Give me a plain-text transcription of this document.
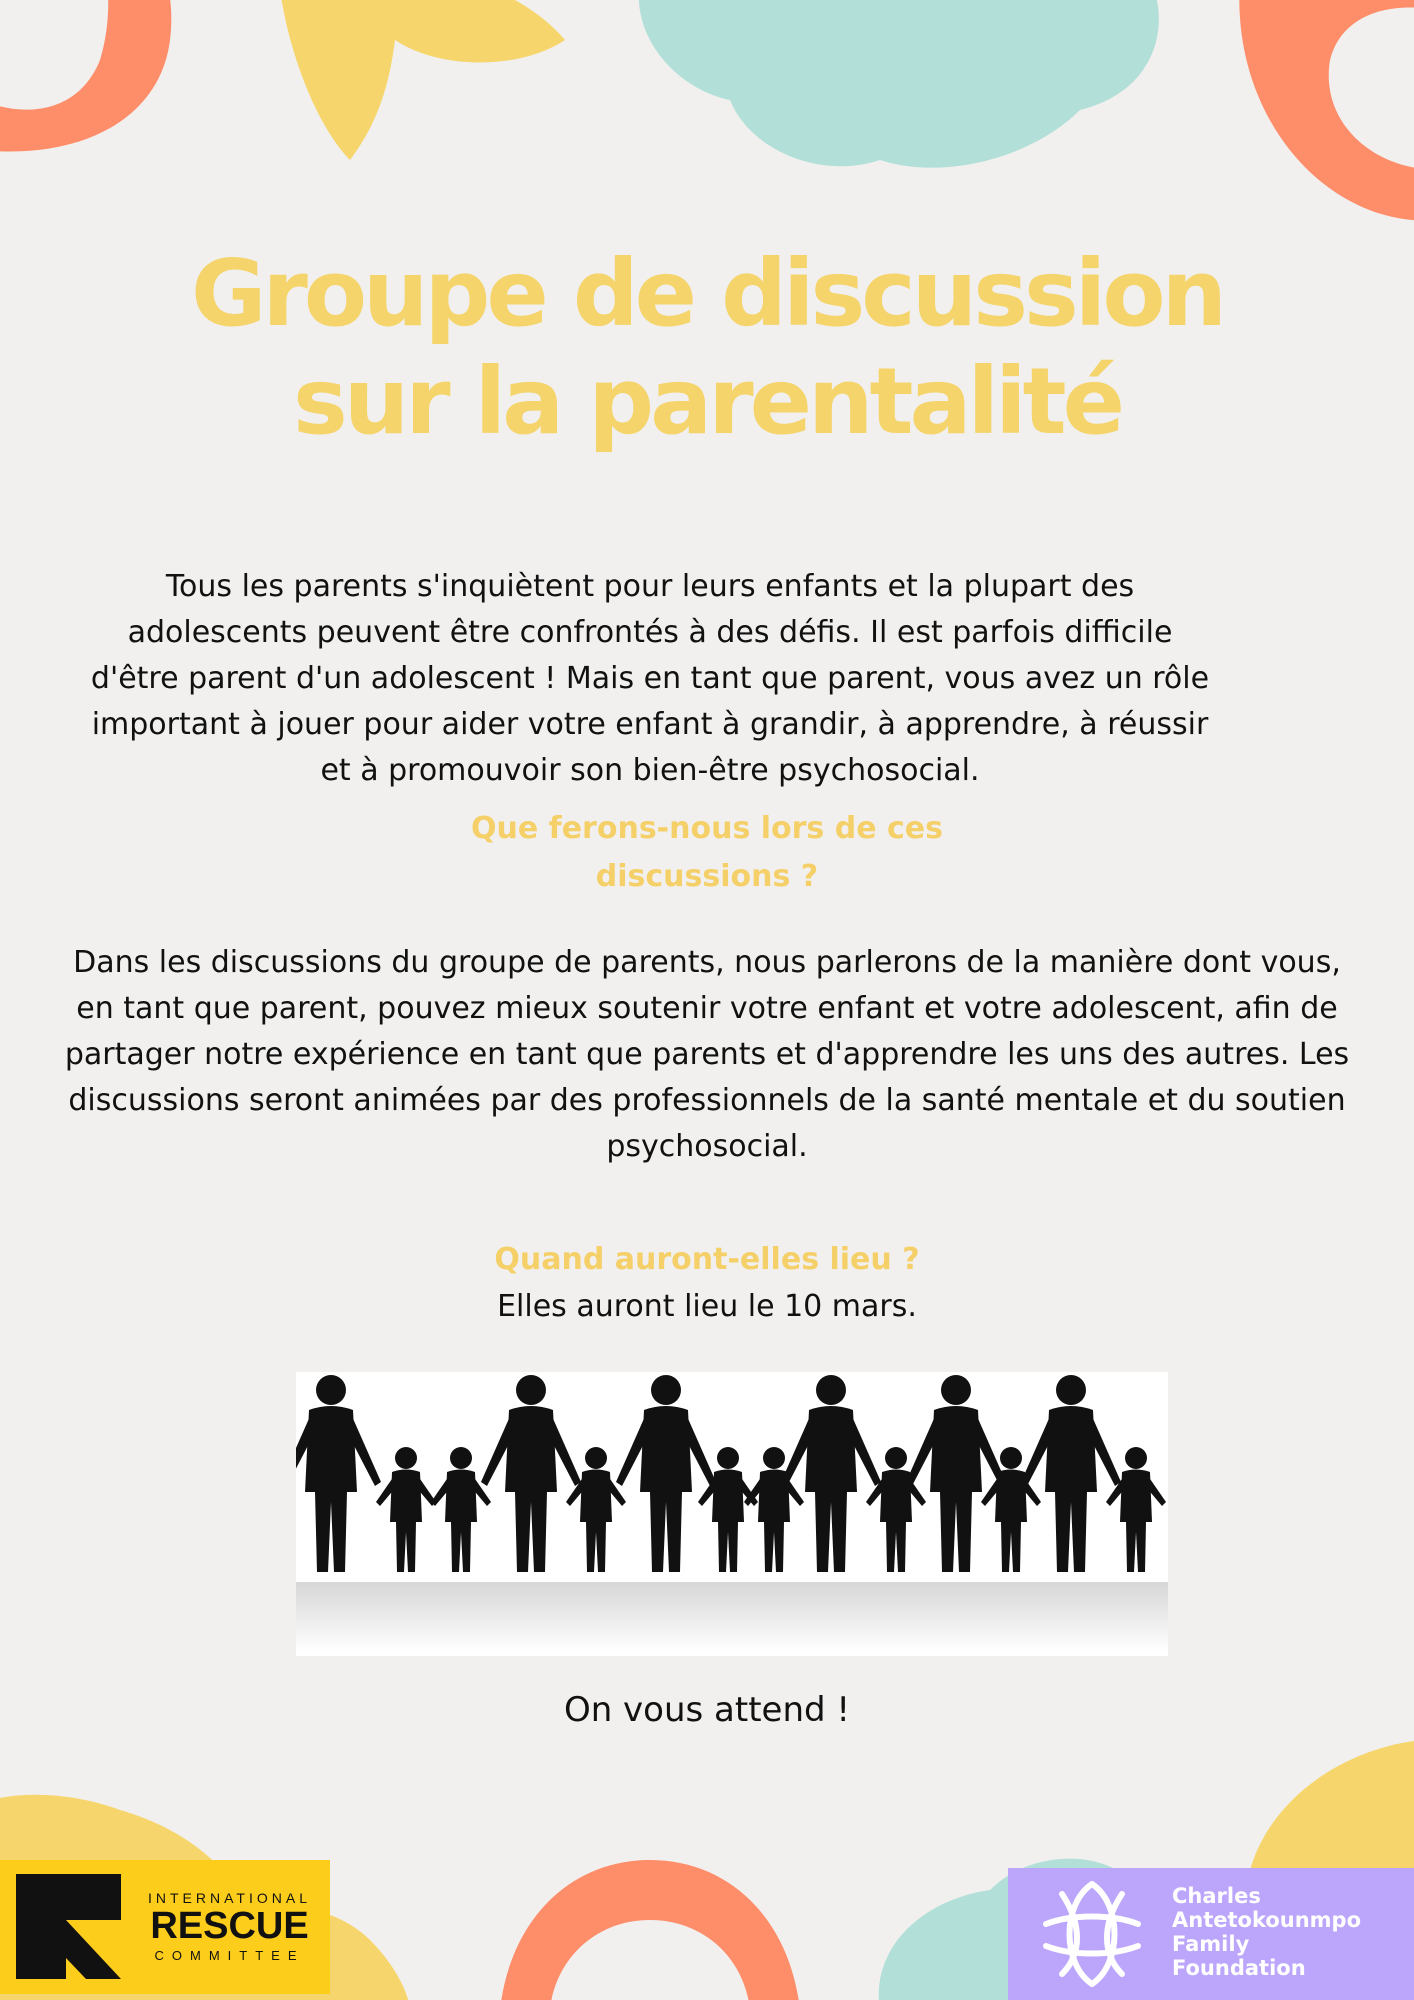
Groupe de discussion
sur la parentalité
Tous les parents s'inquiètent pour leurs enfants et la plupart des
adolescents peuvent être confrontés à des défis. Il est parfois difficile
d'être parent d'un adolescent ! Mais en tant que parent, vous avez un rôle
important à jouer pour aider votre enfant à grandir, à apprendre, à réussir
et à promouvoir son bien-être psychosocial.
Que ferons-nous lors de ces
discussions ?
Dans les discussions du groupe de parents, nous parlerons de la manière dont vous,
en tant que parent, pouvez mieux soutenir votre enfant et votre adolescent, afin de
partager notre expérience en tant que parents et d'apprendre les uns des autres. Les
discussions seront animées par des professionnels de la santé mentale et du soutien
psychosocial.
Quand auront-elles lieu ?
Elles auront lieu le 10 mars.
On vous attend !
INTERNATIONAL
RESCUE
COMMITTEE
Charles
Antetokounmpo
Family
Foundation
